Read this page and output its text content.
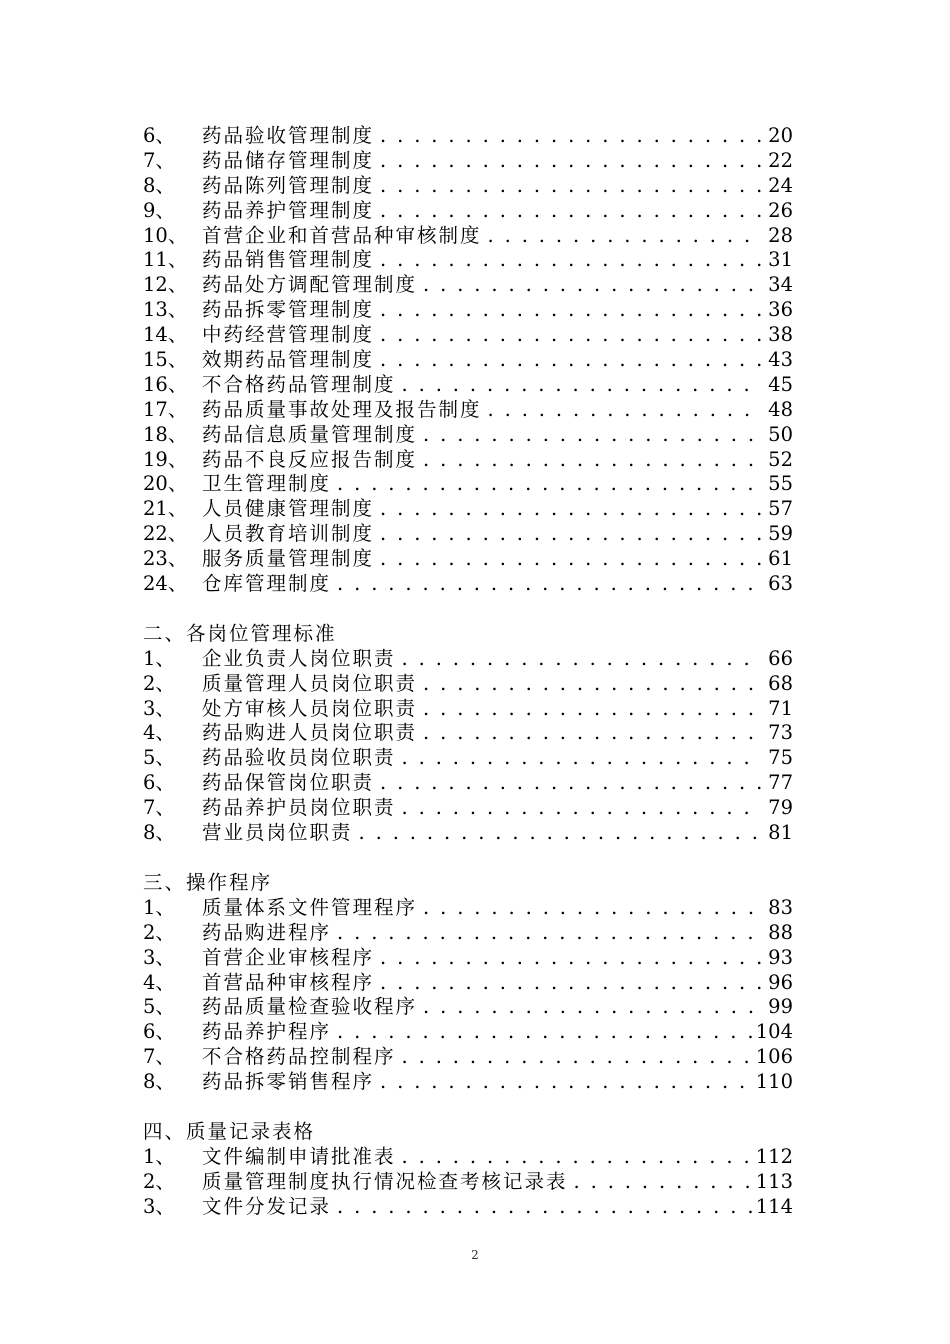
6、	药品验收管理制度 . . .	20
7、	药品储存管理制度 . . .	22
8、	药品陈列管理制度 . . .	24
9、	药品养护管理制度 . . .	26
10、 首营企业和首营品种审核制度 . . .	28
11、 药品销售管理制度 . . .	31
12、 药品处方调配管理制度 . . .	34
13、 药品拆零管理制度 . . .	36
14、 中药经营管理制度 . . .	38
15、 效期药品管理制度 . . .	43
16、 不合格药品管理制度 . . .	45
17、 药品质量事故处理及报告制度 . . .	48
18、 药品信息质量管理制度 . . .	50
19、 药品不良反应报告制度 . . .	52
20、 卫生管理制度 . . .	55
21、 人员健康管理制度 . . .	57
22、 人员教育培训制度 . . .	59
23、 服务质量管理制度 . . .	61
24、 仓库管理制度 . . .	63
二、各岗位管理标准
1、	企业负责人岗位职责 . . .	66
2、	质量管理人员岗位职责 . . .	68
3、	处方审核人员岗位职责 . . .	71
4、	药品购进人员岗位职责 . . .	73
5、	药品验收员岗位职责 . . .	75
6、	药品保管岗位职责 . . .	77
7、	药品养护员岗位职责 . . .	79
8、	营业员岗位职责 . . .	81
三、操作程序
1、	质量体系文件管理程序 . . .	83
2、	药品购进程序 . . .	88
3、	首营企业审核程序 . . .	93
4、	首营品种审核程序 . . .	96
5、	药品质量检查验收程序 . . .	99
6、	药品养护程序 . . .	104
7、	不合格药品控制程序 . . .	106
8、	药品拆零销售程序 . . .	110
四、质量记录表格
1、	文件编制申请批准表 . . .	112
2、	质量管理制度执行情况检查考核记录表 . . .	113
3、	文件分发记录 . . .	114
2
